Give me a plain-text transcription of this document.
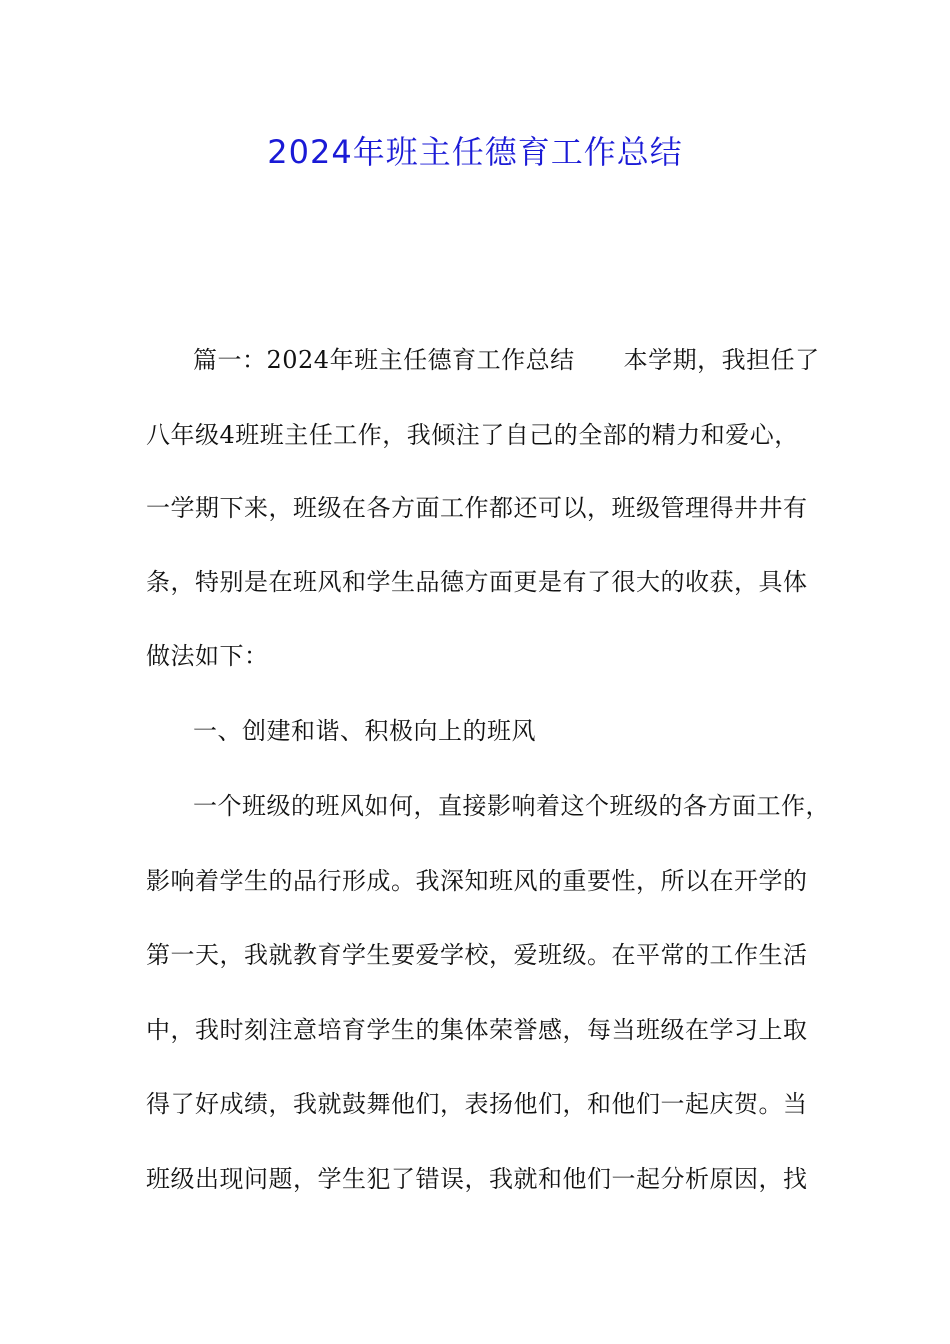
2024年班主任德育工作总结
篇一：2024年班主任德育工作总结　　本学期，我担任了
八年级4班班主任工作，我倾注了自己的全部的精力和爱心，
一学期下来，班级在各方面工作都还可以，班级管理得井井有
条，特别是在班风和学生品德方面更是有了很大的收获，具体
做法如下：
一、创建和谐、积极向上的班风
一个班级的班风如何，直接影响着这个班级的各方面工作，
影响着学生的品行形成。我深知班风的重要性，所以在开学的
第一天，我就教育学生要爱学校，爱班级。在平常的工作生活
中，我时刻注意培育学生的集体荣誉感，每当班级在学习上取
得了好成绩，我就鼓舞他们，表扬他们，和他们一起庆贺。当
班级出现问题，学生犯了错误，我就和他们一起分析原因，找
